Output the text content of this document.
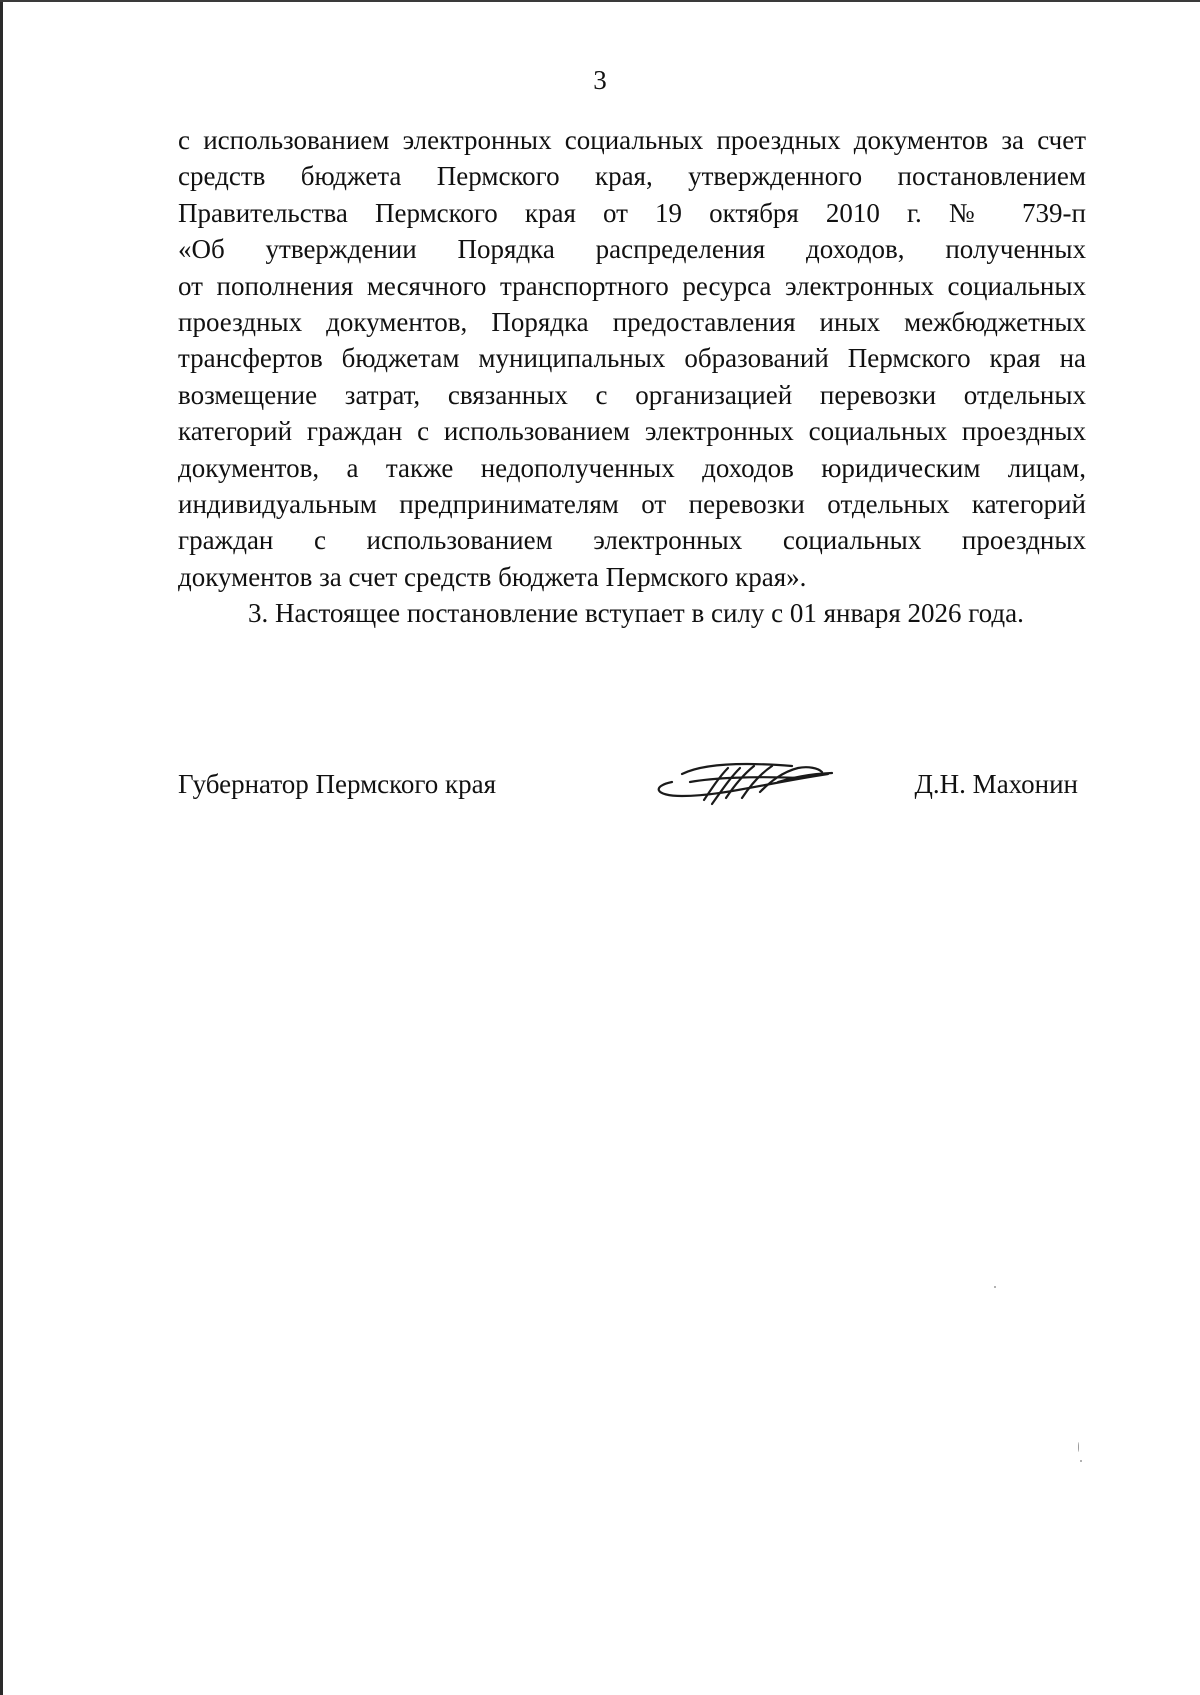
3

с использованием электронных социальных проездных документов за счет
средств бюджета Пермского края, утвержденного постановлением
Правительства Пермского края от 19 октября 2010 г. № 739-п
«Об утверждении Порядка распределения доходов, полученных
от пополнения месячного транспортного ресурса электронных социальных
проездных документов, Порядка предоставления иных межбюджетных
трансфертов бюджетам муниципальных образований Пермского края на
возмещение затрат, связанных с организацией перевозки отдельных
категорий граждан с использованием электронных социальных проездных
документов, а также недополученных доходов юридическим лицам,
индивидуальным предпринимателям от перевозки отдельных категорий
граждан с использованием электронных социальных проездных
документов за счет средств бюджета Пермского края».

3. Настоящее постановление вступает в силу с 01 января 2026 года.

Губернатор Пермского края	Д.Н. Махонин
